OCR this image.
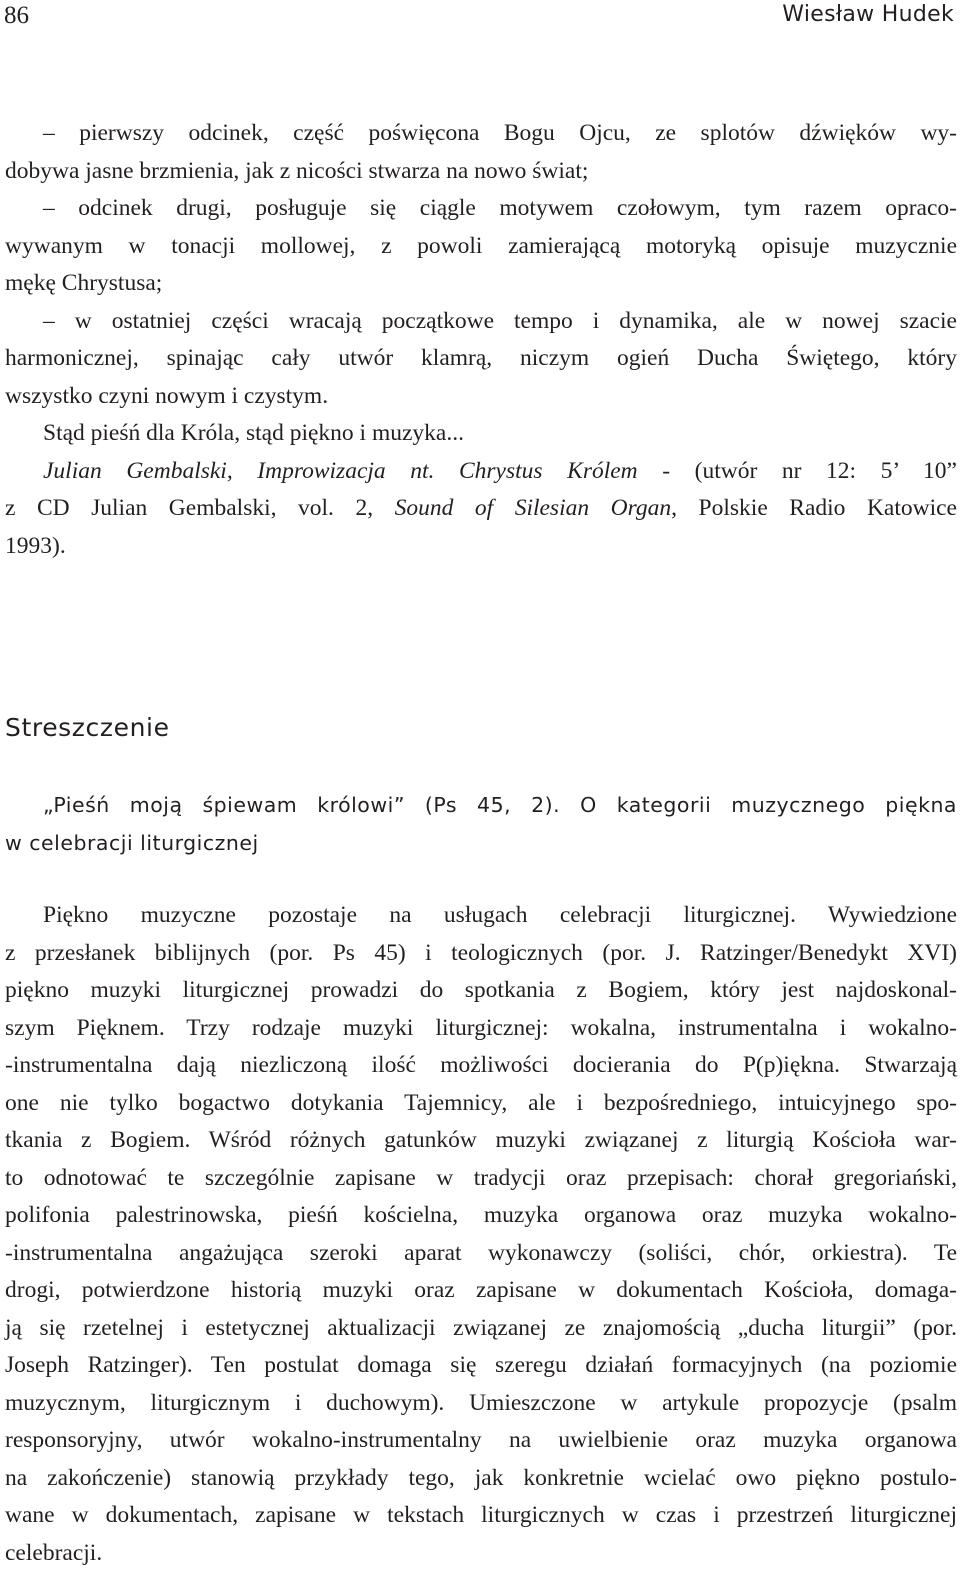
86	Wiesław Hudek
– pierwszy odcinek, część poświęcona Bogu Ojcu, ze splotów dźwięków wy-
dobywa jasne brzmienia, jak z nicości stwarza na nowo świat;
– odcinek drugi, posługuje się ciągle motywem czołowym, tym razem opraco-
wywanym w tonacji mollowej, z powoli zamierającą motoryką opisuje muzycznie
mękę Chrystusa;
– w ostatniej części wracają początkowe tempo i dynamika, ale w nowej szacie
harmonicznej, spinając cały utwór klamrą, niczym ogień Ducha Świętego, który
wszystko czyni nowym i czystym.
Stąd pieśń dla Króla, stąd piękno i muzyka...
Julian Gembalski, Improwizacja nt. Chrystus Królem - (utwór nr 12: 5’ 10”
z CD Julian Gembalski, vol. 2, Sound of Silesian Organ, Polskie Radio Katowice
1993).
Streszczenie
„Pieśń moją śpiewam królowi” (Ps 45, 2). O kategorii muzycznego piękna
w celebracji liturgicznej
Piękno muzyczne pozostaje na usługach celebracji liturgicznej. Wywiedzione
z przesłanek biblijnych (por. Ps 45) i teologicznych (por. J. Ratzinger/Benedykt XVI)
piękno muzyki liturgicznej prowadzi do spotkania z Bogiem, który jest najdoskonal-
szym Pięknem. Trzy rodzaje muzyki liturgicznej: wokalna, instrumentalna i wokalno-
-instrumentalna dają niezliczoną ilość możliwości docierania do P(p)iękna. Stwarzają
one nie tylko bogactwo dotykania Tajemnicy, ale i bezpośredniego, intuicyjnego spo-
tkania z Bogiem. Wśród różnych gatunków muzyki związanej z liturgią Kościoła war-
to odnotować te szczególnie zapisane w tradycji oraz przepisach: chorał gregoriański,
polifonia palestrinowska, pieśń kościelna, muzyka organowa oraz muzyka wokalno-
-instrumentalna angażująca szeroki aparat wykonawczy (soliści, chór, orkiestra). Te
drogi, potwierdzone historią muzyki oraz zapisane w dokumentach Kościoła, domaga-
ją się rzetelnej i estetycznej aktualizacji związanej ze znajomością „ducha liturgii” (por.
Joseph Ratzinger). Ten postulat domaga się szeregu działań formacyjnych (na poziomie
muzycznym, liturgicznym i duchowym). Umieszczone w artykule propozycje (psalm
responsoryjny, utwór wokalno-instrumentalny na uwielbienie oraz muzyka organowa
na zakończenie) stanowią przykłady tego, jak konkretnie wcielać owo piękno postulo-
wane w dokumentach, zapisane w tekstach liturgicznych w czas i przestrzeń liturgicznej
celebracji.
